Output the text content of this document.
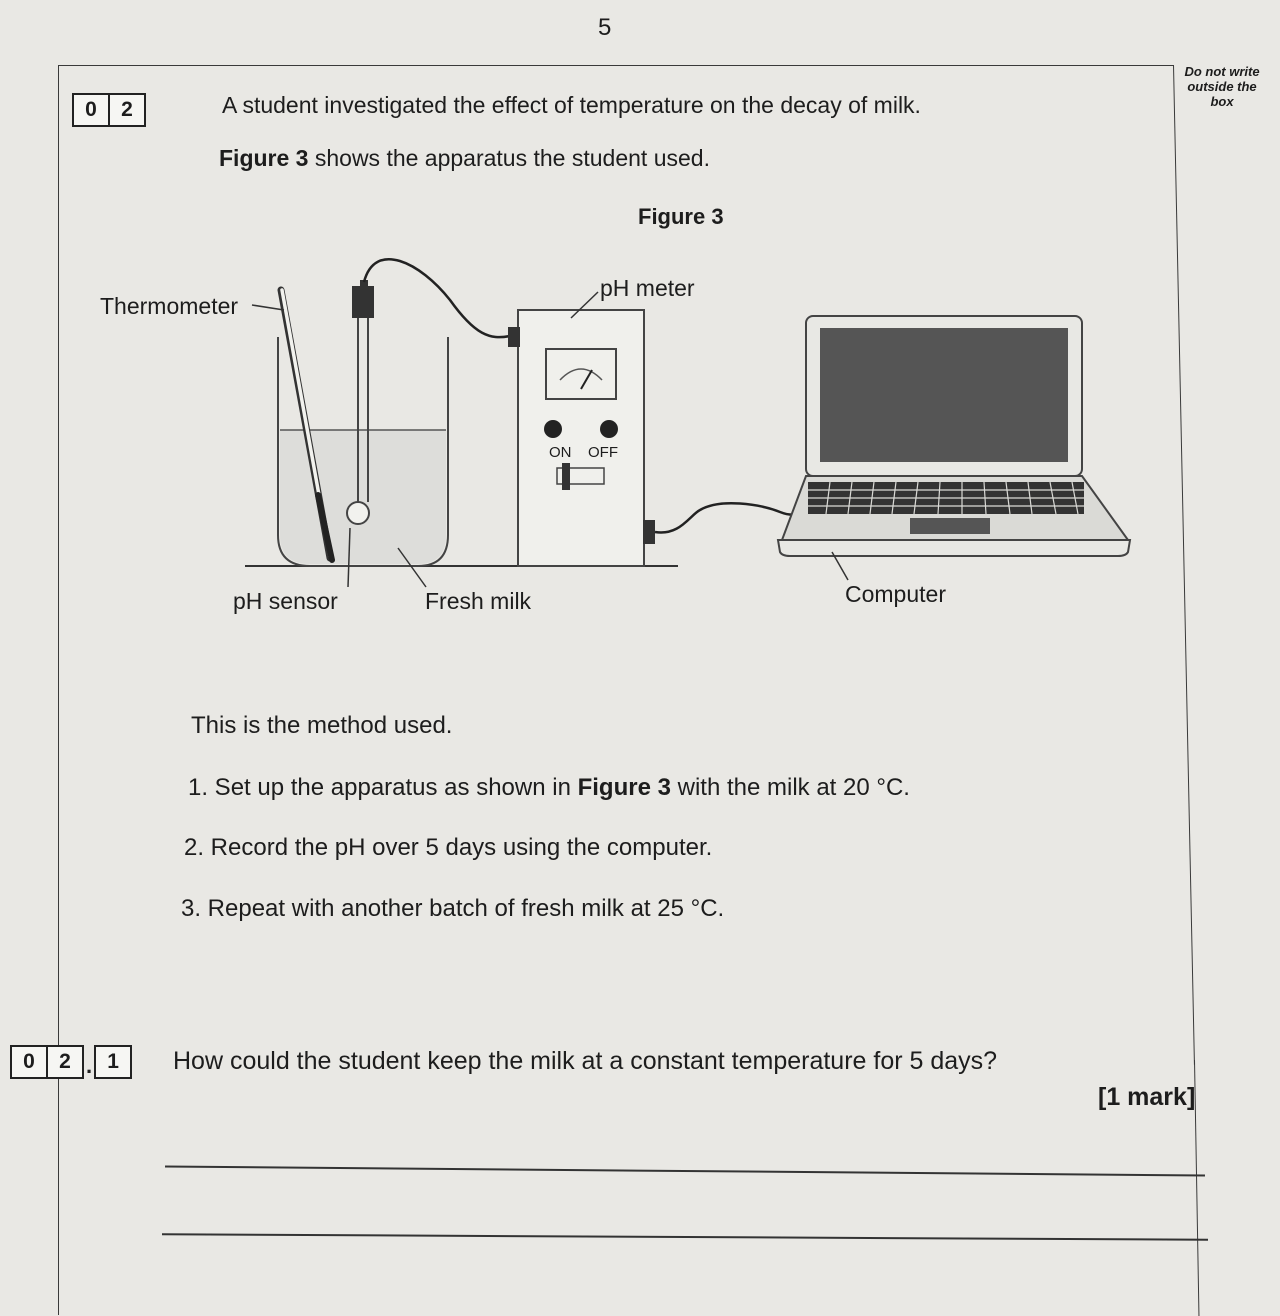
5
Do not write
outside the
box
0	2	A student investigated the effect of temperature on the decay of milk.
Figure 3 shows the apparatus the student used.
Figure 3
Thermometer
pH meter
pH sensor	Fresh milk	Computer
ON OFF
This is the method used.
1. Set up the apparatus as shown in Figure 3 with the milk at 20 °C.
2. Record the pH over 5 days using the computer.
3. Repeat with another batch of fresh milk at 25 °C.
0	2 . 1	How could the student keep the milk at a constant temperature for 5 days?
[1 mark]
